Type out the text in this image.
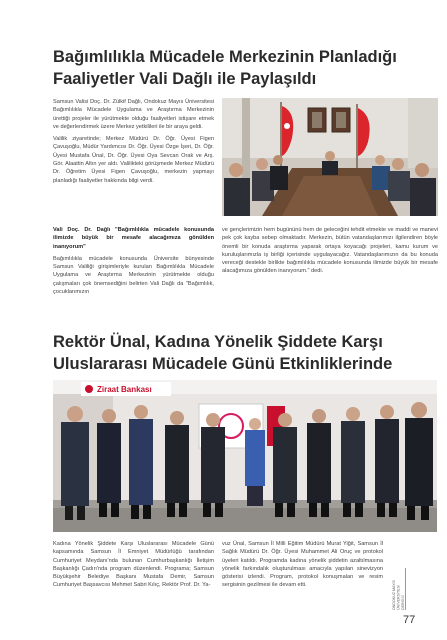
Bağımlılıkla Mücadele Merkezinin Planladığı
Faaliyetler Vali Dağlı ile Paylaşıldı

Samsun Valisi Doç. Dr. Zülkif Dağlı, Ondokuz Mayıs Üniversitesi Bağımlılıkla Mücadele Uygulama ve Araştırma Merkezinin ürettiği projeler ile yürütmekte olduğu faaliyetleri istişare etmek ve değerlendirmek üzere Merkez yetkilileri ile bir araya geldi.

Valilik ziyaretinde; Merkez Müdürü Dr. Öğr. Üyesi Figen Çavuşoğlu, Müdür Yardımcısı Dr. Öğr. Üyesi Özge İşeri, Dr. Öğr. Üyesi Mustafa Ünal, Dr. Öğr. Üyesi Oya Sevcan Orak ve Arş. Gör. Alaattin Altın yer aldı. Valilikteki görüşmede Merkez Müdürü Dr. Öğretim Üyesi Figen Çavuşoğlu, merkezin yapmayı planladığı faaliyetler hakkında bilgi verdi.

Vali Doç. Dr. Dağlı "Bağımlılıkla mücadele konusunda ilimizde büyük bir mesafe alacağımıza gönülden inanıyorum"

Bağımlılıkla mücadele konusunda Üniversite bünyesinde Samsun Valiliği girişimleriyle kurulan Bağımlılıkla Mücadele Uygulama ve Araştırma Merkezinin yürütmekte olduğu çalışmaları çok önemsediğini belirten Vali Dağlı da "Bağımlılık, çocuklarımızın

ve gençlerimizin hem bugününü hem de geleceğini tehdit etmekte ve maddi ve manevi pek çok kayba sebep olmaktadır. Merkezin, bütün vatandaşlarımızı ilgilendiren böyle önemli bir konuda araştırma yaparak ortaya koyacağı projeleri, kamu kurum ve kuruluşlarımızla iş birliği içerisinde uygulayacağız. Vatandaşlarımızın da bu konuda vereceği destekle birlikte bağımlılıkla mücadele konusunda ilimizde büyük bir mesafe alacağımıza gönülden inanıyorum." dedi.

Rektör Ünal, Kadına Yönelik Şiddete Karşı
Uluslararası Mücadele Günü Etkinliklerinde
Ziraat Bankası

Kadına Yönelik Şiddete Karşı Uluslararası Mücadele Günü kapsamında Samsun İl Emniyet Müdürlüğü tarafından Cumhuriyet Meydanı'nda bulunan Cumhurbaşkanlığı İletişim Başkanlığı Çadırı'nda program düzenlendi. Programa; Samsun Büyükşehir Belediye Başkanı Mustafa Demir, Samsun Cumhuriyet Başsavcısı Mehmet Sabri Kılıç, Rektör Prof. Dr. Ya-

vuz Ünal, Samsun İl Milli Eğitim Müdürü Murat Yiğit, Samsun İl Sağlık Müdürü Dr. Öğr. Üyesi Muhammet Ali Oruç ve protokol üyeleri katıldı. Programda kadına yönelik şiddetin azaltılmasına yönelik farkındalık oluşturulması amacıyla yapılan sinevizyon gösterisi izlendi. Program, protokol konuşmaları ve resim sergisinin gezilmesi ile devam etti.	ONDOKUZ MAYIS ÜNİVERSİTESİ DERGİSİ
77
